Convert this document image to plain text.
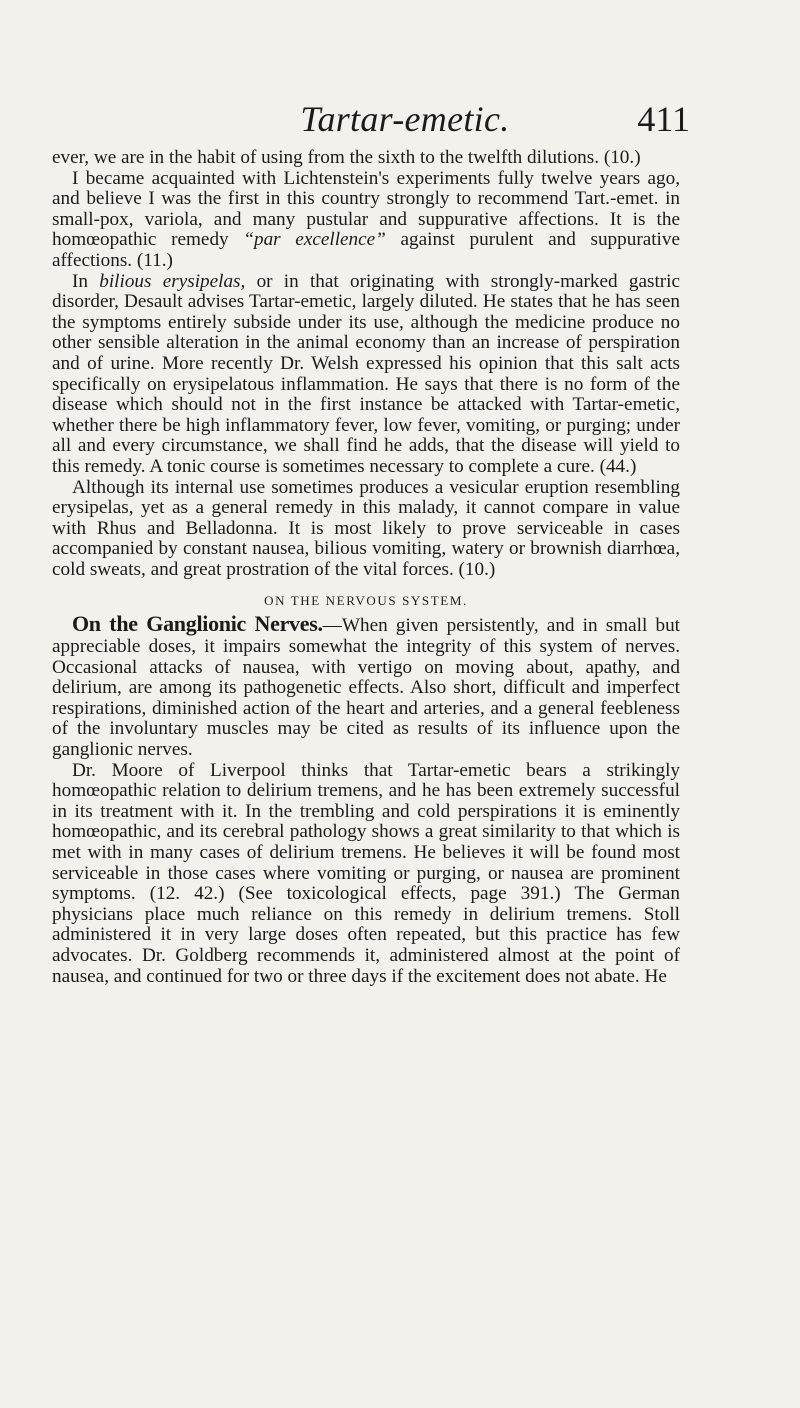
Tartar-emetic.	411

ever, we are in the habit of using from the sixth to the twelfth dilutions. (10.)

I became acquainted with Lichtenstein's experiments fully twelve years ago, and believe I was the first in this country strongly to recommend Tart.-emet. in small-pox, variola, and many pustular and suppurative affections. It is the homœopathic remedy “par excellence” against purulent and suppurative affections. (11.)

In bilious erysipelas, or in that originating with strongly-marked gastric disorder, Desault advises Tartar-emetic, largely diluted. He states that he has seen the symptoms entirely subside under its use, although the medicine produce no other sensible alteration in the animal economy than an increase of perspiration and of urine. More recently Dr. Welsh expressed his opinion that this salt acts specifically on erysipelatous inflammation. He says that there is no form of the disease which should not in the first instance be attacked with Tartar-emetic, whether there be high inflammatory fever, low fever, vomiting, or purging; under all and every circumstance, we shall find he adds, that the disease will yield to this remedy. A tonic course is sometimes necessary to complete a cure. (44.)

Although its internal use sometimes produces a vesicular eruption resembling erysipelas, yet as a general remedy in this malady, it cannot compare in value with Rhus and Belladonna. It is most likely to prove serviceable in cases accompanied by constant nausea, bilious vomiting, watery or brownish diarrhœa, cold sweats, and great prostration of the vital forces. (10.)

ON THE NERVOUS SYSTEM.

On the Ganglionic Nerves.—When given persistently, and in small but appreciable doses, it impairs somewhat the integrity of this system of nerves. Occasional attacks of nausea, with vertigo on moving about, apathy, and delirium, are among its pathogenetic effects. Also short, difficult and imperfect respirations, diminished action of the heart and arteries, and a general feebleness of the involuntary muscles may be cited as results of its influence upon the ganglionic nerves.

Dr. Moore of Liverpool thinks that Tartar-emetic bears a strikingly homœopathic relation to delirium tremens, and he has been extremely successful in its treatment with it. In the trembling and cold perspirations it is eminently homœopathic, and its cerebral pathology shows a great similarity to that which is met with in many cases of delirium tremens. He believes it will be found most serviceable in those cases where vomiting or purging, or nausea are prominent symptoms. (12. 42.) (See toxicological effects, page 391.) The German physicians place much reliance on this remedy in delirium tremens. Stoll administered it in very large doses often repeated, but this practice has few advocates. Dr. Goldberg recommends it, administered almost at the point of nausea, and continued for two or three days if the excitement does not abate. He
